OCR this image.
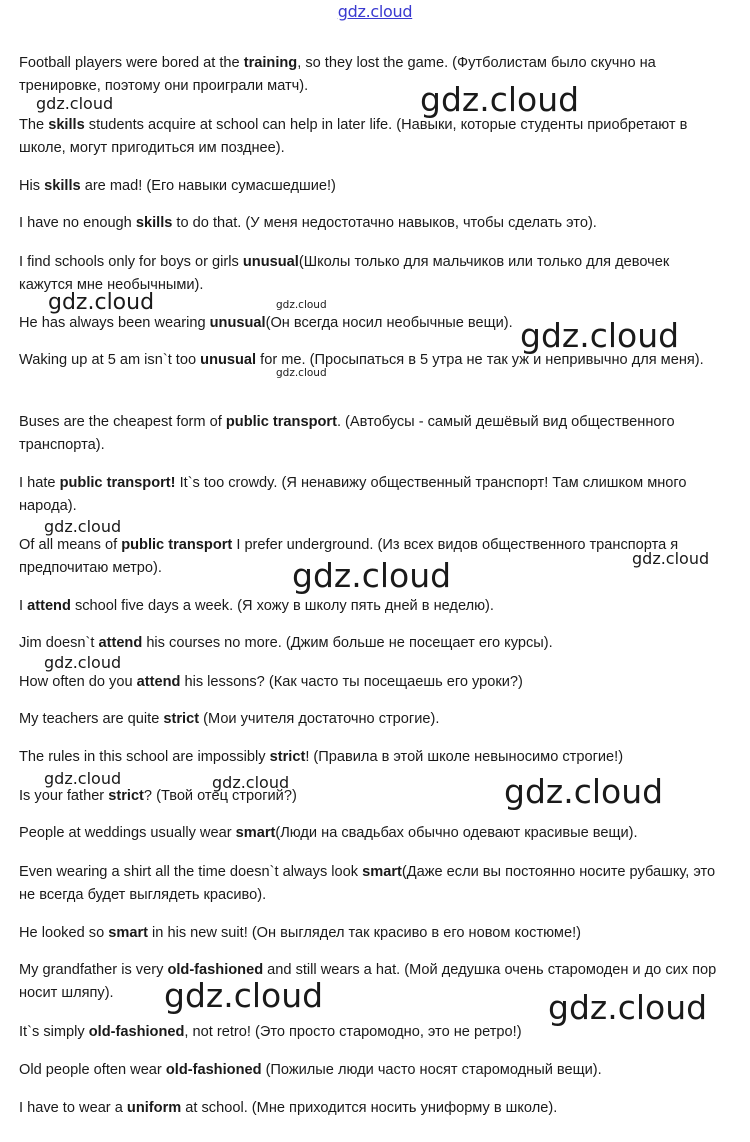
gdz.cloud

Football players were bored at the training, so they lost the game. (Футболистам было скучно на тренировке, поэтому они проиграли матч).

The skills students acquire at school can help in later life. (Навыки, которые студенты приобретают в школе, могут пригодиться им позднее).

His skills are mad! (Его навыки сумасшедшие!)

I have no enough skills to do that. (У меня недостотачно навыков, чтобы сделать это).

I find schools only for boys or girls unusual(Школы только для мальчиков или только для девочек кажутся мне необычными).

He has always been wearing unusual(Он всегда носил необычные вещи).

Waking up at 5 am isn`t too unusual for me. (Просыпаться в 5 утра не так уж и непривычно для меня).

Buses are the cheapest form of public transport. (Автобусы - самый дешёвый вид общественного транспорта).

I hate public transport! It`s too crowdy. (Я ненавижу общественный транспорт! Там слишком много народа).

Of all means of public transport I prefer underground. (Из всех видов общественного транспорта я предпочитаю метро).

I attend school five days a week. (Я хожу в школу пять дней в неделю).

Jim doesn`t attend his courses no more. (Джим больше не посещает его курсы).

How often do you attend his lessons? (Как часто ты посещаешь его уроки?)

My teachers are quite strict (Мои учителя достаточно строгие).

The rules in this school are impossibly strict! (Правила в этой школе невыносимо строгие!)

Is your father strict? (Твой отец строгий?)

People at weddings usually wear smart(Люди на свадьбах обычно одевают красивые вещи).

Even wearing a shirt all the time doesn`t always look smart(Даже если вы постоянно носите рубашку, это не всегда будет выглядеть красиво).

He looked so smart in his new suit! (Он выглядел так красиво в его новом костюме!)

My grandfather is very old-fashioned and still wears a hat. (Мой дедушка очень старомоден и до сих пор носит шляпу).

It`s simply old-fashioned, not retro! (Это просто старомодно, это не ретро!)

Old people often wear old-fashioned (Пожилые люди часто носят старомодный вещи).

I have to wear a uniform at school. (Мне приходится носить униформу в школе).

gdz.cloud	gdz.cloud
gdz.cloud	gdz.cloud
gdz.cloud
gdz.cloud
gdz.cloud
gdz.cloud
gdz.cloud
gdz.cloud
gdz.cloud	gdz.cloud	gdz.cloud
gdz.cloud	gdz.cloud
